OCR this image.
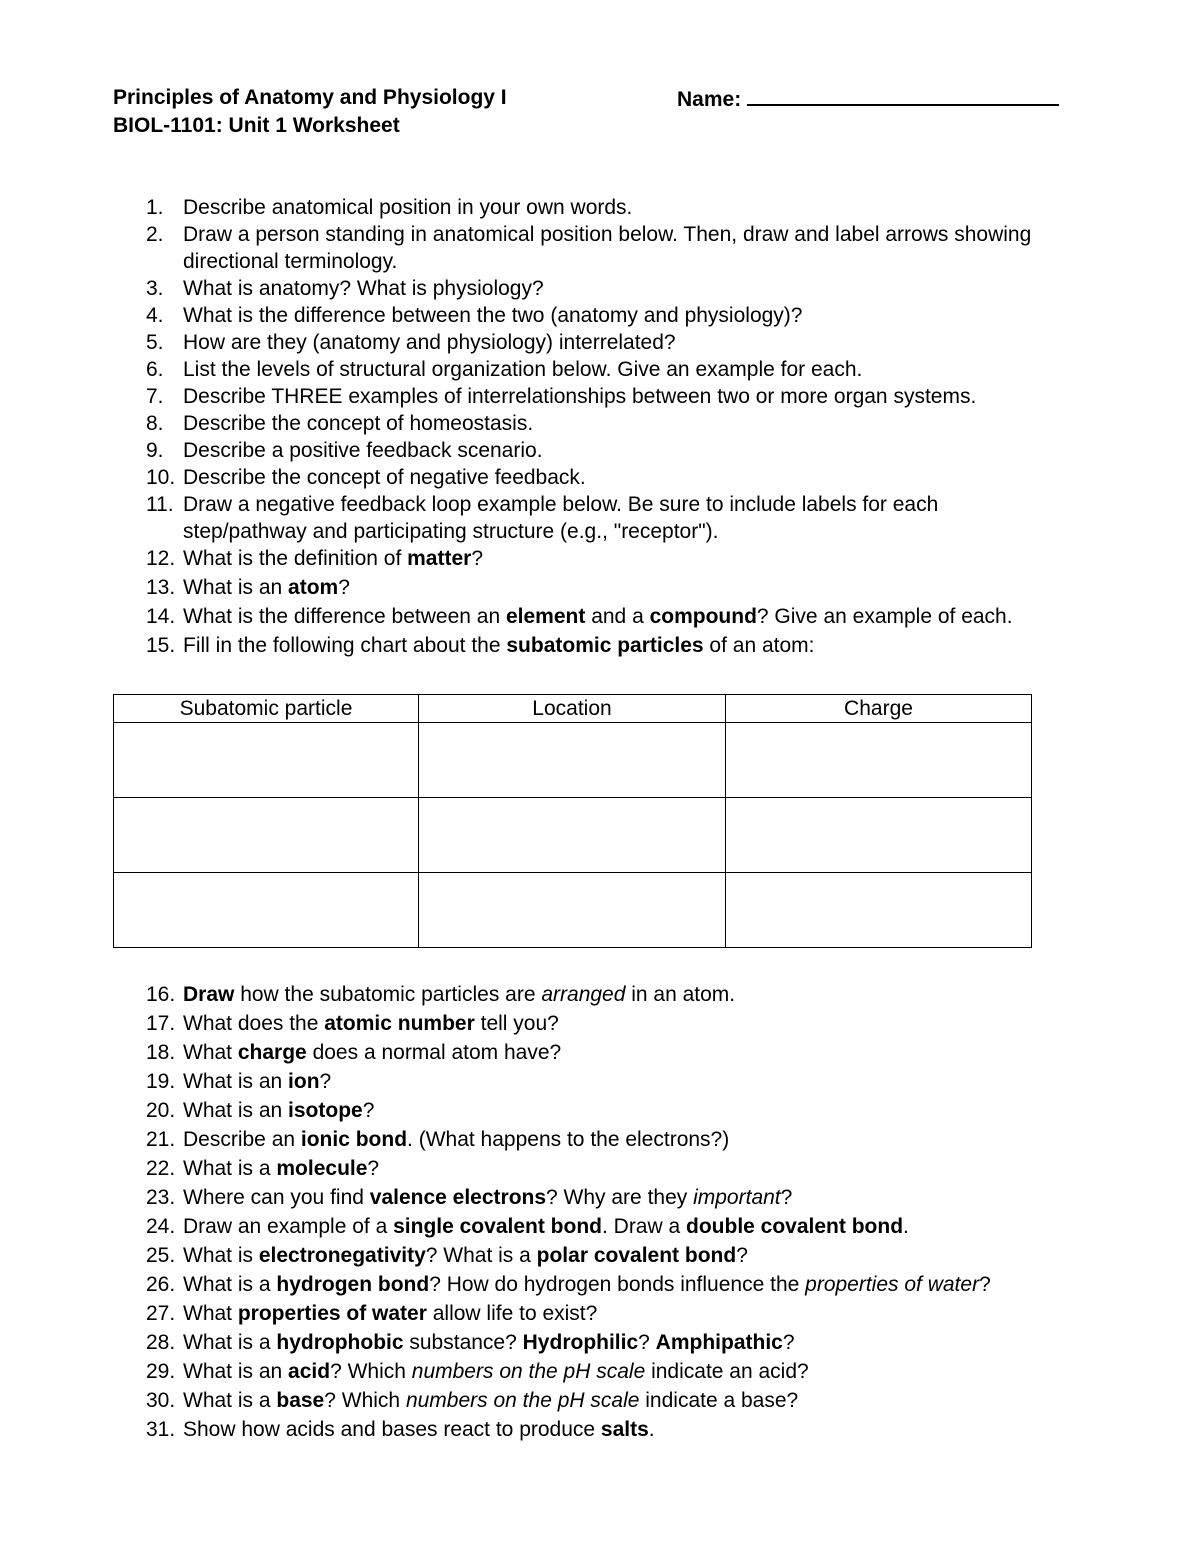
Principles of Anatomy and Physiology I
BIOL-1101: Unit 1 Worksheet
Name:
1. Describe anatomical position in your own words.
2. Draw a person standing in anatomical position below. Then, draw and label arrows showing directional terminology.
3. What is anatomy? What is physiology?
4. What is the difference between the two (anatomy and physiology)?
5. How are they (anatomy and physiology) interrelated?
6. List the levels of structural organization below. Give an example for each.
7. Describe THREE examples of interrelationships between two or more organ systems.
8. Describe the concept of homeostasis.
9. Describe a positive feedback scenario.
10. Describe the concept of negative feedback.
11. Draw a negative feedback loop example below. Be sure to include labels for each step/pathway and participating structure (e.g., "receptor").
12. What is the definition of matter?
13. What is an atom?
14. What is the difference between an element and a compound? Give an example of each.
15. Fill in the following chart about the subatomic particles of an atom:
Subatomic particle	Location	Charge

16. Draw how the subatomic particles are arranged in an atom.
17. What does the atomic number tell you?
18. What charge does a normal atom have?
19. What is an ion?
20. What is an isotope?
21. Describe an ionic bond. (What happens to the electrons?)
22. What is a molecule?
23. Where can you find valence electrons? Why are they important?
24. Draw an example of a single covalent bond. Draw a double covalent bond.
25. What is electronegativity? What is a polar covalent bond?
26. What is a hydrogen bond? How do hydrogen bonds influence the properties of water?
27. What properties of water allow life to exist?
28. What is a hydrophobic substance? Hydrophilic? Amphipathic?
29. What is an acid? Which numbers on the pH scale indicate an acid?
30. What is a base? Which numbers on the pH scale indicate a base?
31. Show how acids and bases react to produce salts.
